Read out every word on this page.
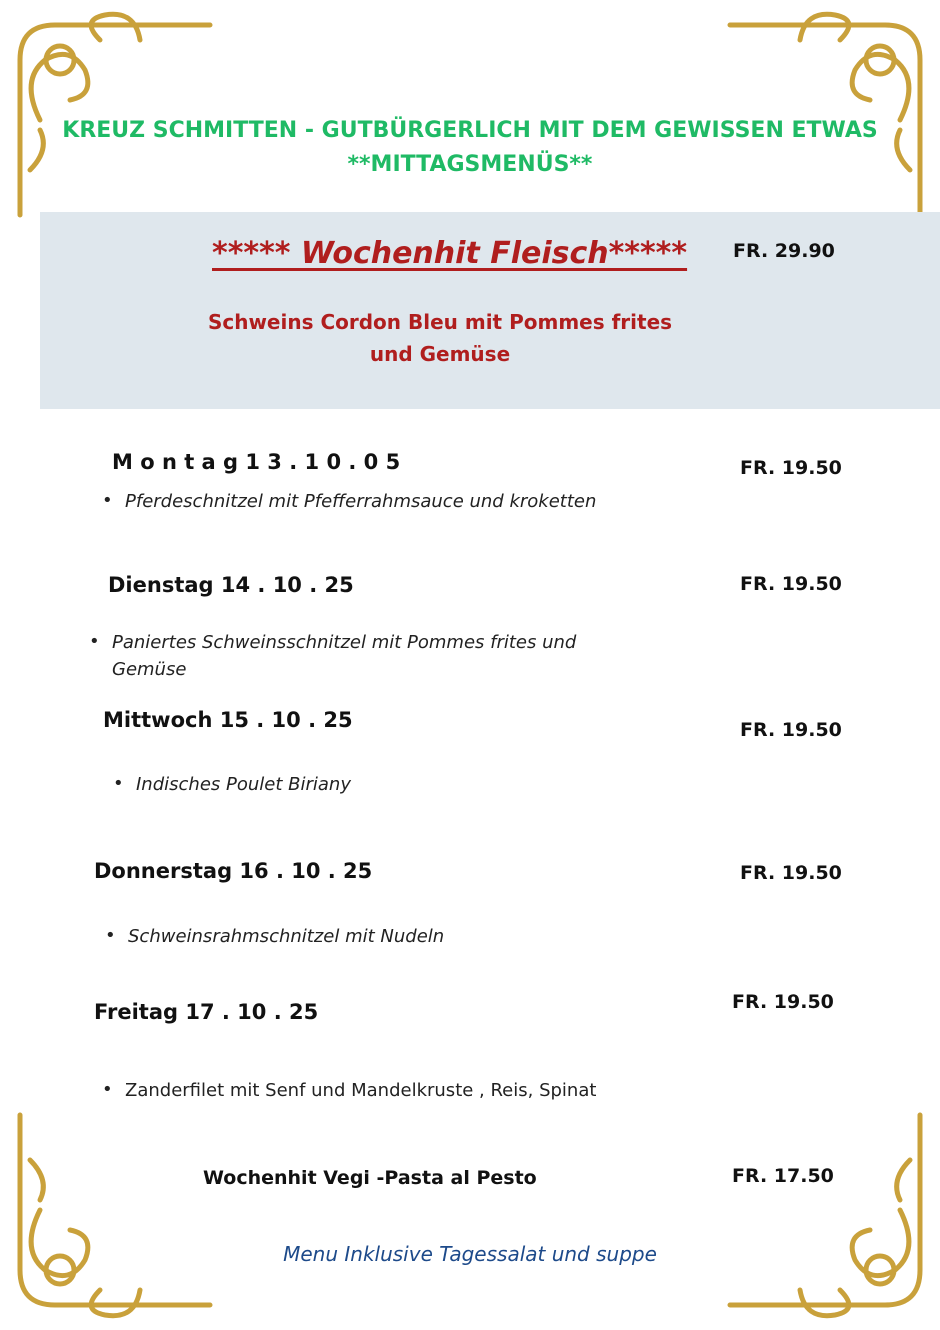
KREUZ SCHMITTEN - GUTBÜRGERLICH MIT DEM GEWISSEN ETWAS
**MITTAGSMENÜS**
***** Wochenhit Fleisch***** FR. 29.90
Schweins Cordon Bleu mit Pommes frites
und Gemüse
M o n t a g 1 3 . 1 0 . 0 5	FR. 19.50
• Pferdeschnitzel mit Pfefferrahmsauce und kroketten
Dienstag 14 . 10 . 25	FR. 19.50
• Paniertes Schweinsschnitzel mit Pommes frites und
Gemüse
Mittwoch 15 . 10 . 25	FR. 19.50
• Indisches Poulet Biriany
Donnerstag 16 . 10 . 25	FR. 19.50
• Schweinsrahmschnitzel mit Nudeln
Freitag 17 . 10 . 25	FR. 19.50
• Zanderfilet mit Senf und Mandelkruste , Reis, Spinat
Wochenhit Vegi -Pasta al Pesto	FR. 17.50
Menu Inklusive Tagessalat und suppe
